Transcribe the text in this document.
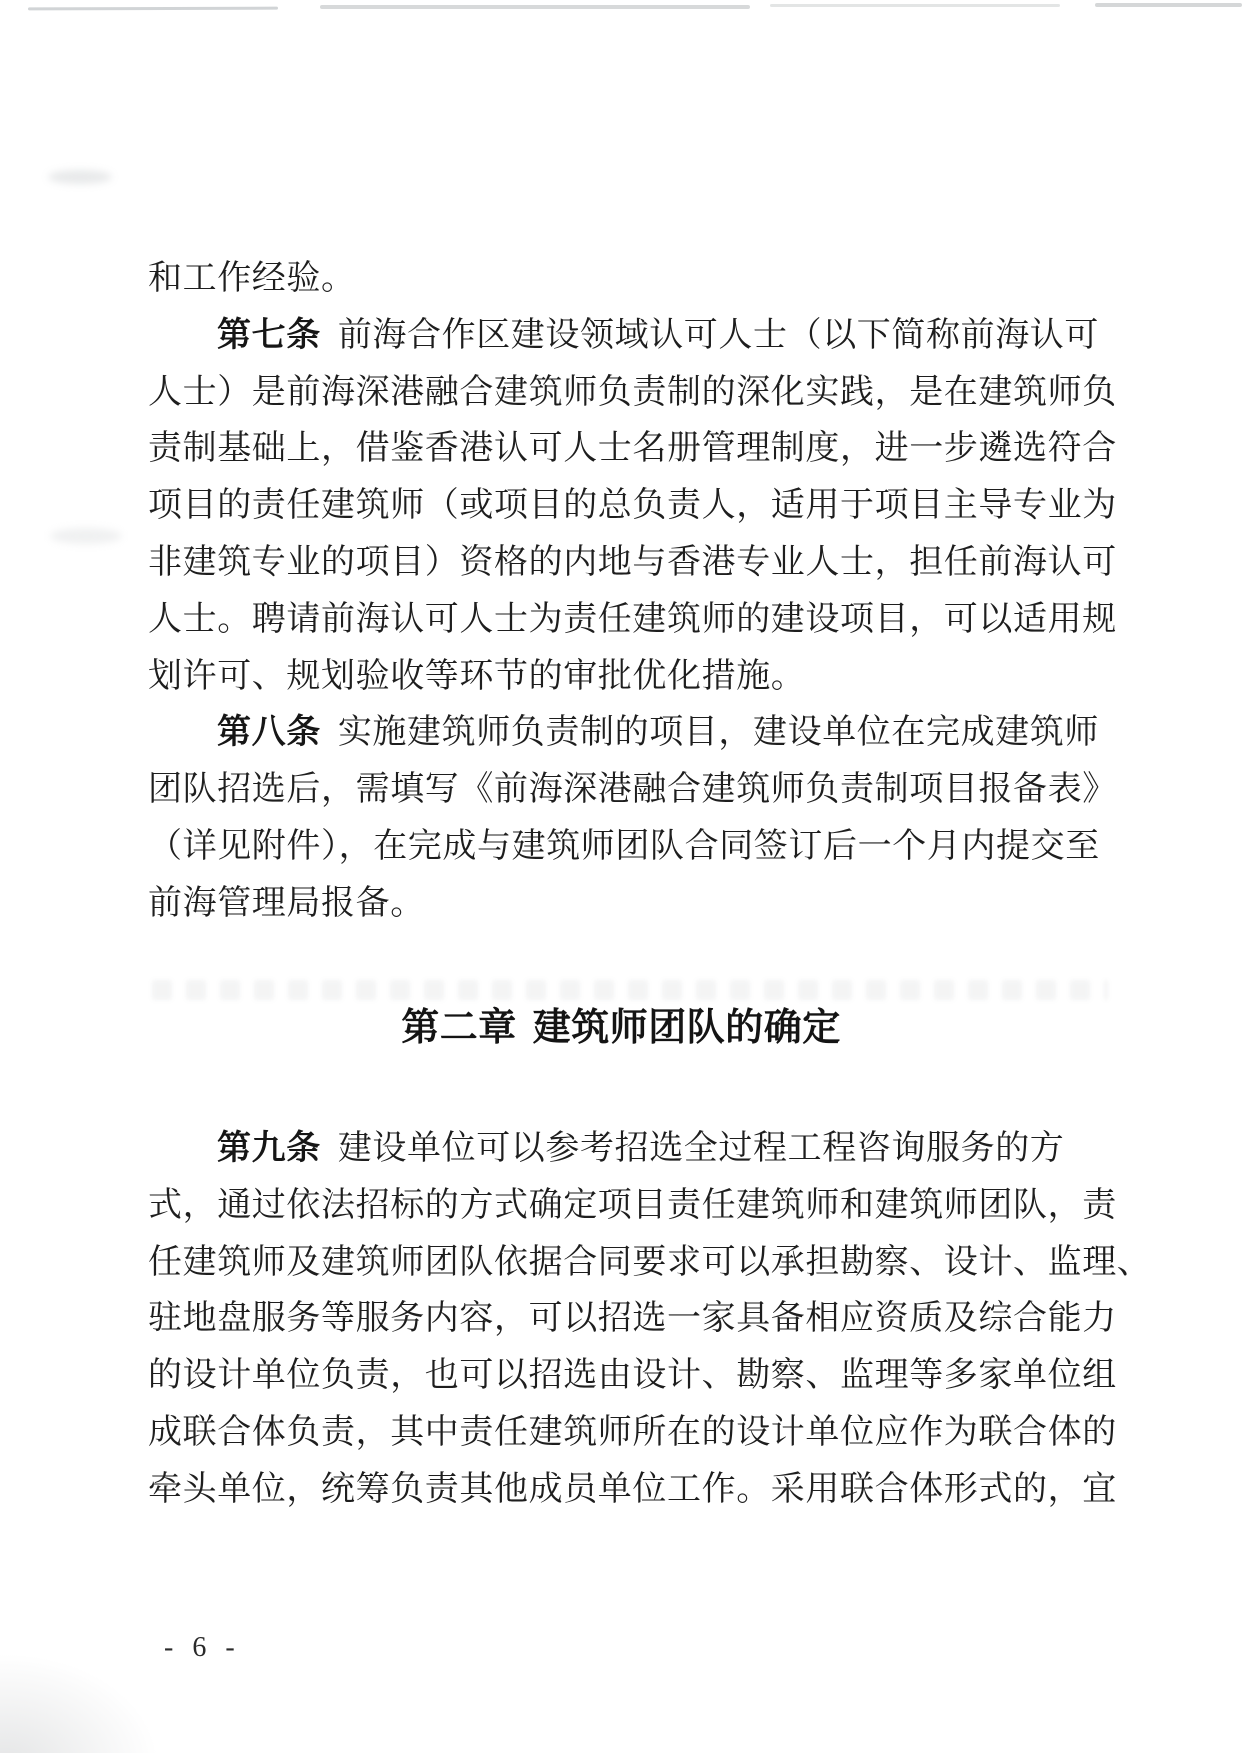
和工作经验。
第七条 前海合作区建设领域认可人士（以下简称前海认可
人士）是前海深港融合建筑师负责制的深化实践，是在建筑师负
责制基础上，借鉴香港认可人士名册管理制度，进一步遴选符合
项目的责任建筑师（或项目的总负责人，适用于项目主导专业为
非建筑专业的项目）资格的内地与香港专业人士，担任前海认可
人士。聘请前海认可人士为责任建筑师的建设项目，可以适用规
划许可、规划验收等环节的审批优化措施。
第八条 实施建筑师负责制的项目，建设单位在完成建筑师
团队招选后，需填写《前海深港融合建筑师负责制项目报备表》
（详见附件），在完成与建筑师团队合同签订后一个月内提交至
前海管理局报备。
第二章 建筑师团队的确定
第九条 建设单位可以参考招选全过程工程咨询服务的方
式，通过依法招标的方式确定项目责任建筑师和建筑师团队，责
任建筑师及建筑师团队依据合同要求可以承担勘察、设计、监理、
驻地盘服务等服务内容，可以招选一家具备相应资质及综合能力
的设计单位负责，也可以招选由设计、勘察、监理等多家单位组
成联合体负责，其中责任建筑师所在的设计单位应作为联合体的
牵头单位，统筹负责其他成员单位工作。采用联合体形式的，宜
- 6 -
